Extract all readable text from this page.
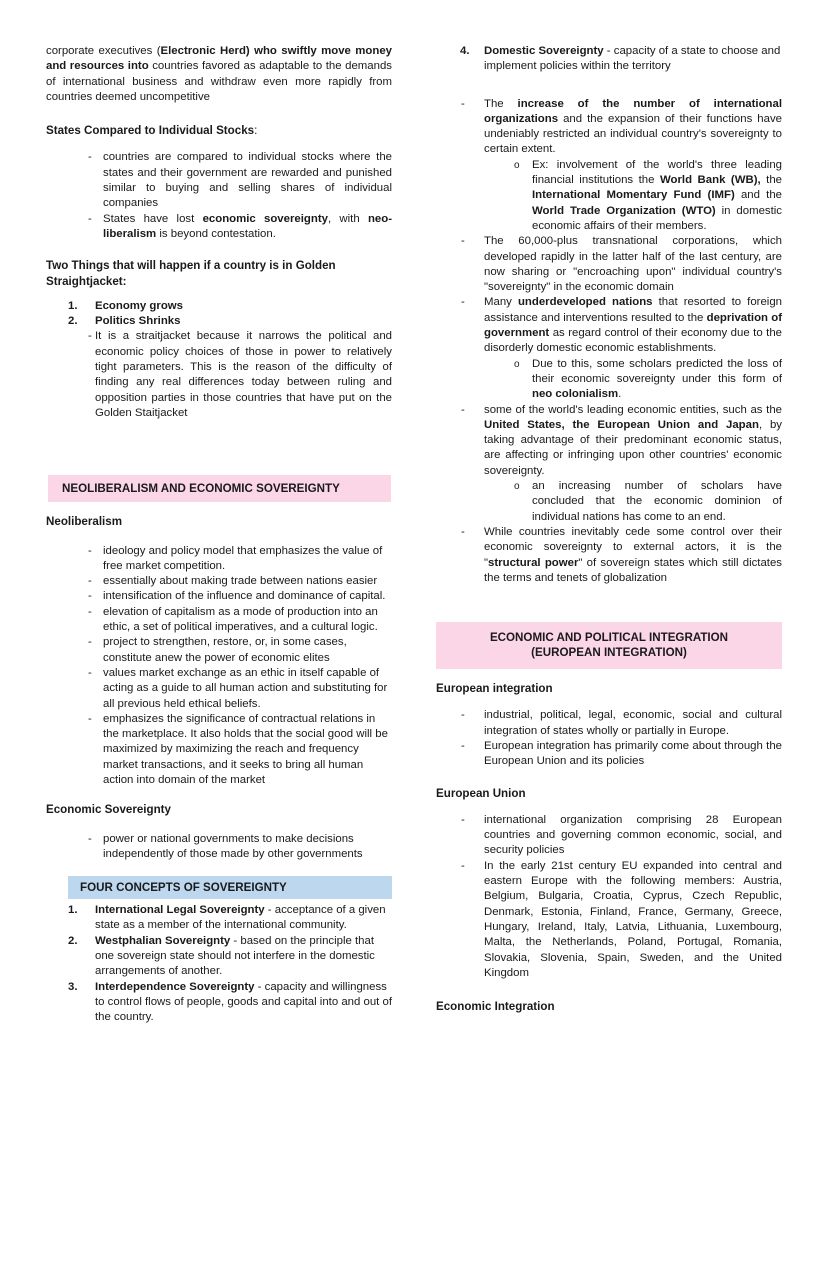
corporate executives (Electronic Herd) who swiftly move money and resources into countries favored as adaptable to the demands of international business and withdraw even more rapidly from countries deemed uncompetitive

States Compared to Individual Stocks:

- countries are compared to individual stocks where the states and their government are rewarded and punished similar to buying and selling shares of individual companies
- States have lost economic sovereignty, with neo-liberalism is beyond contestation.

Two Things that will happen if a country is in Golden Straightjacket:

1. Economy grows
2. Politics Shrinks
- It is a straitjacket because it narrows the political and economic policy choices of those in power to relatively tight parameters. This is the reason of the difficulty of finding any real differences today between ruling and opposition parties in those countries that have put on the Golden Staitjacket
NEOLIBERALISM AND ECONOMIC SOVEREIGNTY

Neoliberalism

- ideology and policy model that emphasizes the value of free market competition.
- essentially about making trade between nations easier
- intensification of the influence and dominance of capital.
- elevation of capitalism as a mode of production into an ethic, a set of political imperatives, and a cultural logic.
- project to strengthen, restore, or, in some cases, constitute anew the power of economic elites
- values market exchange as an ethic in itself capable of acting as a guide to all human action and substituting for all previous held ethical beliefs.
- emphasizes the significance of contractual relations in the marketplace. It also holds that the social good will be maximized by maximizing the reach and frequency market transactions, and it seeks to bring all human action into domain of the market

Economic Sovereignty

- power or national governments to make decisions independently of those made by other governments
FOUR CONCEPTS OF SOVEREIGNTY
1. International Legal Sovereignty - acceptance of a given state as a member of the international community.
2. Westphalian Sovereignty - based on the principle that one sovereign state should not interfere in the domestic arrangements of another.
3. Interdependence Sovereignty - capacity and willingness to control flows of people, goods and capital into and out of the country.
4. Domestic Sovereignty - capacity of a state to choose and implement policies within the territory
- The increase of the number of international organizations and the expansion of their functions have undeniably restricted an individual country's sovereignty to certain extent.
o Ex: involvement of the world's three leading financial institutions the World Bank (WB), the International Momentary Fund (IMF) and the World Trade Organization (WTO) in domestic economic affairs of their members.
- The 60,000-plus transnational corporations, which developed rapidly in the latter half of the last century, are now sharing or "encroaching upon" individual country's "sovereignty" in the economic domain
- Many underdeveloped nations that resorted to foreign assistance and interventions resulted to the deprivation of government as regard control of their economy due to the disorderly domestic economic establishments.
o Due to this, some scholars predicted the loss of their economic sovereignty under this form of neo colonialism.
- some of the world's leading economic entities, such as the United States, the European Union and Japan, by taking advantage of their predominant economic status, are affecting or infringing upon other countries' economic sovereignty.
o an increasing number of scholars have concluded that the economic dominion of individual nations has come to an end.
- While countries inevitably cede some control over their economic sovereignty to external actors, it is the "structural power" of sovereign states which still dictates the terms and tenets of globalization
ECONOMIC AND POLITICAL INTEGRATION
(EUROPEAN INTEGRATION)

European integration

- industrial, political, legal, economic, social and cultural integration of states wholly or partially in Europe.
- European integration has primarily come about through the European Union and its policies

European Union

- international organization comprising 28 European countries and governing common economic, social, and security policies
- In the early 21st century EU expanded into central and eastern Europe with the following members: Austria, Belgium, Bulgaria, Croatia, Cyprus, Czech Republic, Denmark, Estonia, Finland, France, Germany, Greece, Hungary, Ireland, Italy, Latvia, Lithuania, Luxembourg, Malta, the Netherlands, Poland, Portugal, Romania, Slovakia, Slovenia, Spain, Sweden, and the United Kingdom

Economic Integration
